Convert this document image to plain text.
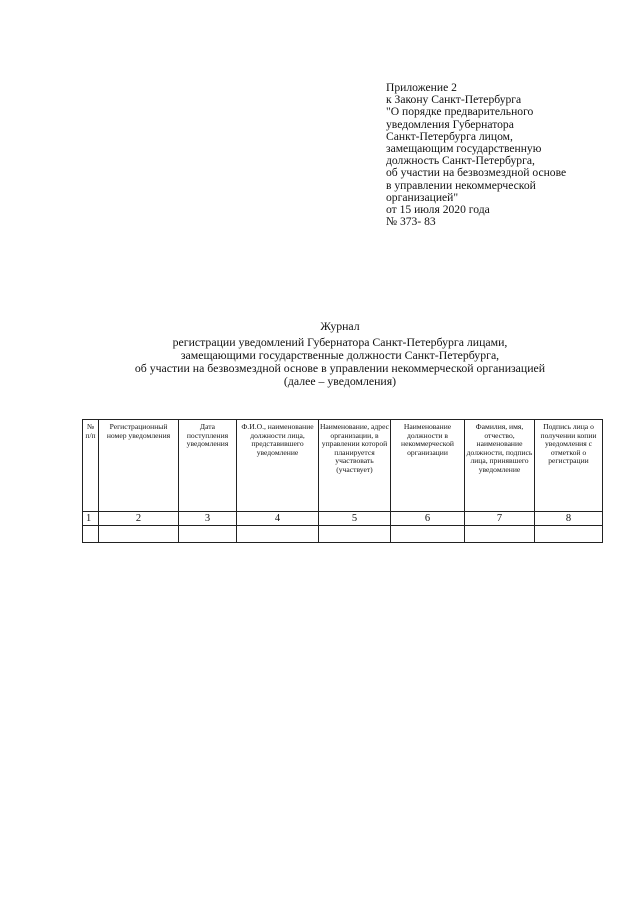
Приложение 2
к Закону Санкт-Петербурга
"О порядке предварительного
уведомления Губернатора
Санкт-Петербурга лицом,
замещающим государственную
должность Санкт-Петербурга,
об участии на безвозмездной основе
в управлении некоммерческой
организацией"
от 15 июля 2020 года
№ 373- 83
Журнал
регистрации уведомлений Губернатора Санкт-Петербурга лицами,
замещающими государственные должности Санкт-Петербурга,
об участии на безвозмездной основе в управлении некоммерческой организацией
(далее – уведомления)
№ п/п	Регистрационный номер уведомления	Дата поступления уведомления	Ф.И.О., наименование должности лица, представившего уведомление	Наименование, адрес организации, в управлении которой планируется участвовать (участвует)	Наименование должности в некоммерческой организации	Фамилия, имя, отчество, наименование должности, подпись лица, принявшего уведомление	Подпись лица о получении копии уведомления с отметкой о регистрации
1	2	3	4	5	6	7	8
